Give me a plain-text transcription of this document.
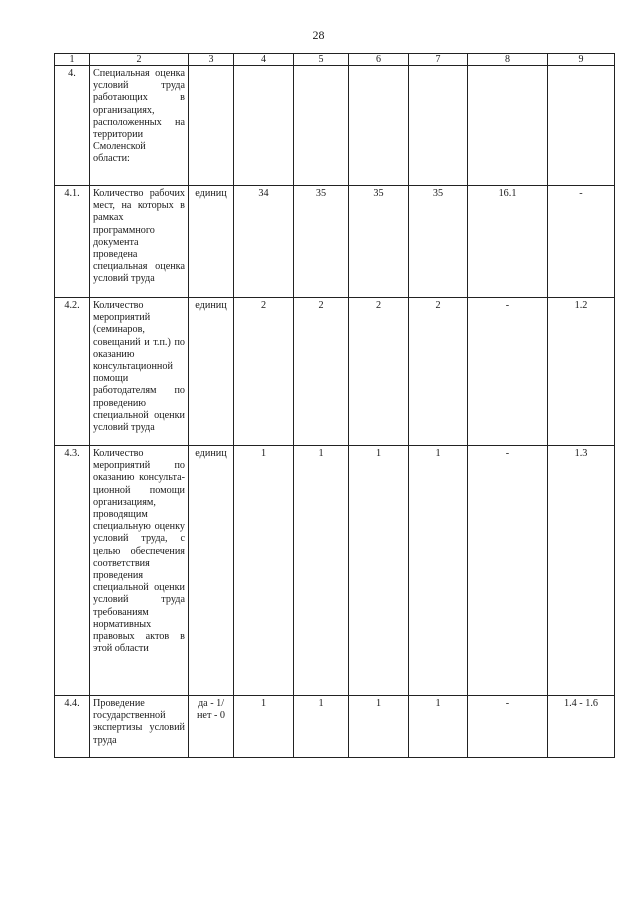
28
1	2	3	4	5	6	7	8	9
4.	Специальная оценка условий труда работающих в организациях, расположенных на территории Смоленской области:							
4.1.	Количество рабочих мест, на которых в рамках программного документа проведена специальная оценка условий труда	единиц	34	35	35	35	16.1	-
4.2.	Количество мероприятий (семинаров, совещаний и т.п.) по оказанию консультационной помощи работодателям по проведению специальной оценки условий труда	единиц	2	2	2	2	-	1.2
4.3.	Количество мероприятий по оказанию консульта-ционной помощи организациям, проводящим специальную оценку условий труда, с целью обеспечения соответствия проведения специальной оценки условий труда требованиям нормативных правовых актов в этой области	единиц	1	1	1	1	-	1.3
4.4.	Проведение государственной экспертизы условий труда	да - 1/нет - 0	1	1	1	1	-	1.4 - 1.6
